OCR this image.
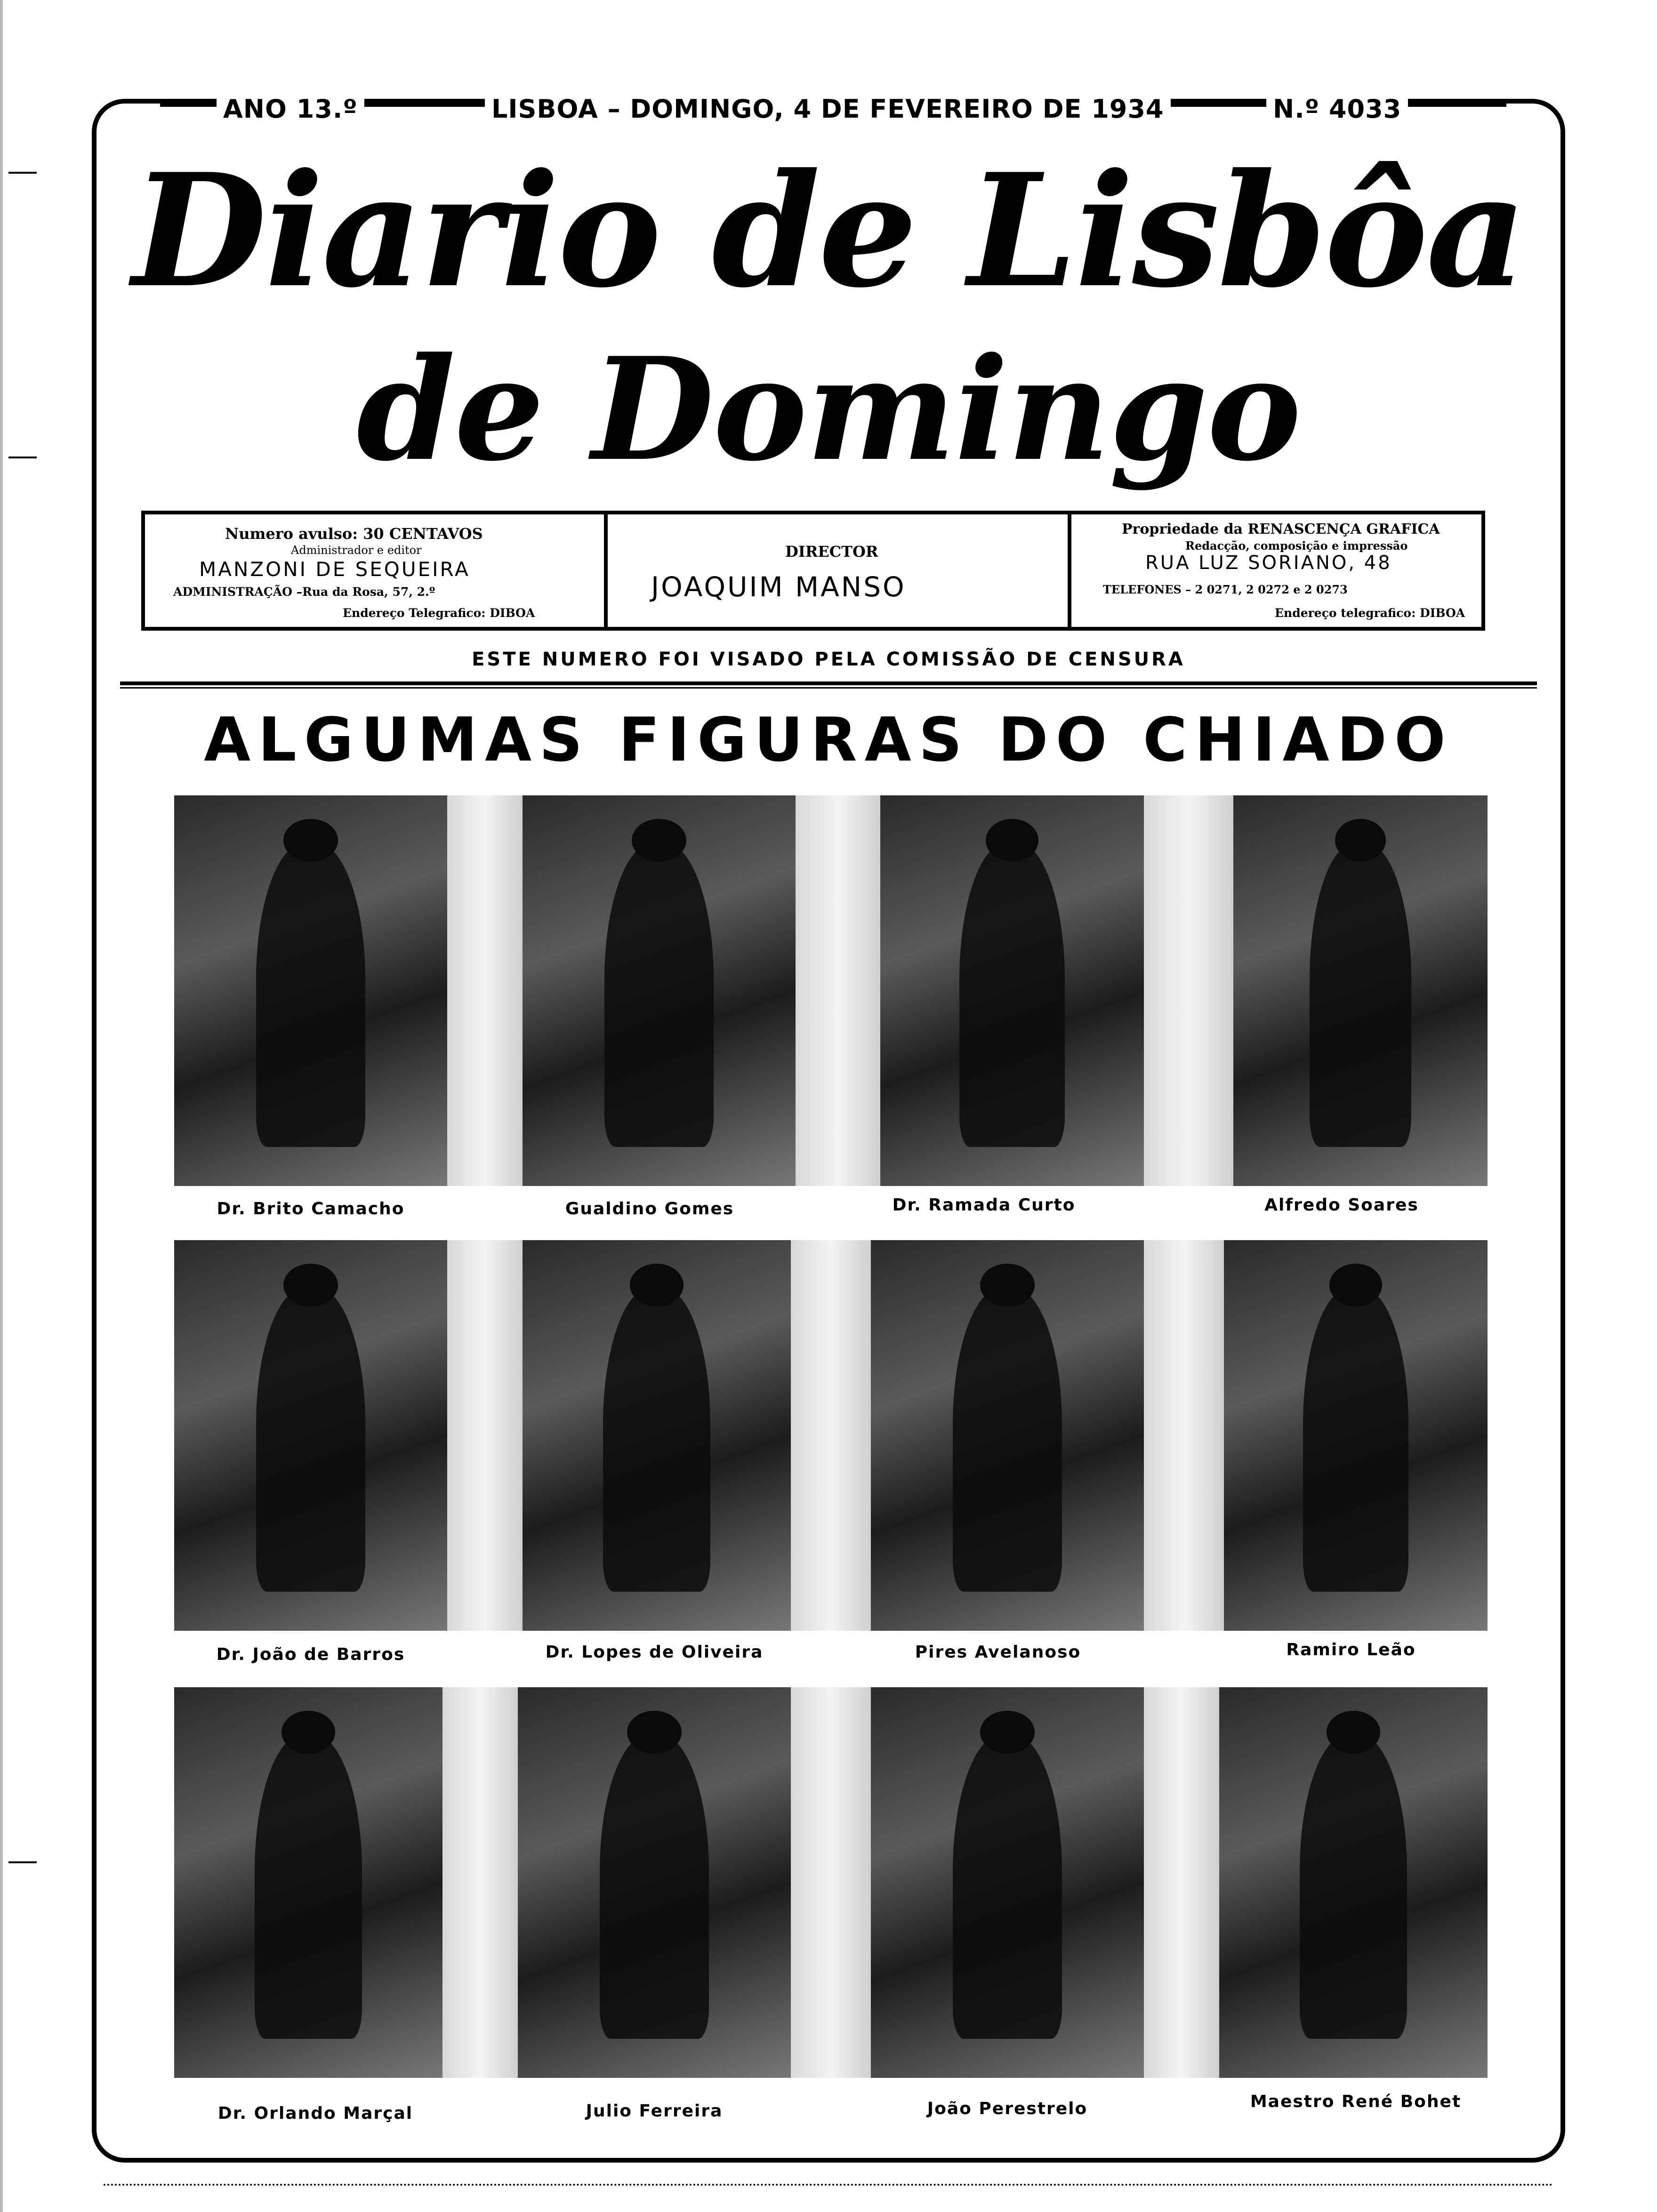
ANO 13.º	LISBOA – DOMINGO, 4 DE FEVEREIRO DE 1934	N.º 4033
Diario de Lisbôa
de Domingo
Numero avulso: 30 CENTAVOS
Administrador e editor
MANZONI DE SEQUEIRA
ADMINISTRAÇÃO –Rua da Rosa, 57, 2.º
Endereço Telegrafico: DIBOA
DIRECTOR
JOAQUIM MANSO
Propriedade da RENASCENÇA GRAFICA
Redacção, composição e impressão
RUA LUZ SORIANO, 48
TELEFONES – 2 0271, 2 0272 e 2 0273
Endereço telegrafico: DIBOA
ESTE NUMERO FOI VISADO PELA COMISSÃO DE CENSURA
ALGUMAS FIGURAS DO CHIADO
Dr. Brito Camacho	Gualdino Gomes	Dr. Ramada Curto	Alfredo Soares
Dr. João de Barros	Dr. Lopes de Oliveira	Pires Avelanoso	Ramiro Leão
Dr. Orlando Marçal	Julio Ferreira	João Perestrelo	Maestro René Bohet
